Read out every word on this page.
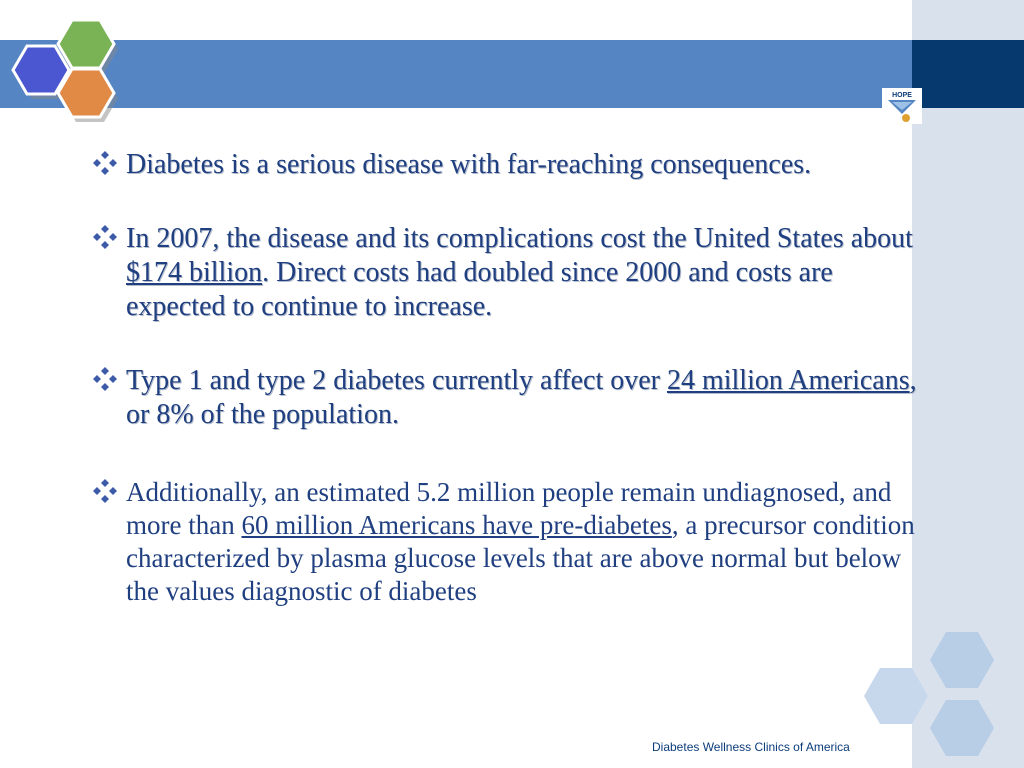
HOPE
Diabetes is a serious disease with far-reaching consequences.
In 2007, the disease and its complications cost the United States about $174 billion. Direct costs had doubled since 2000 and costs are expected to continue to increase.
Type 1 and type 2 diabetes currently affect over 24 million Americans, or 8% of the population.
Additionally, an estimated 5.2 million people remain undiagnosed, and more than 60 million Americans have pre-diabetes, a precursor condition characterized by plasma glucose levels that are above normal but below the values diagnostic of diabetes
Diabetes Wellness Clinics of America
